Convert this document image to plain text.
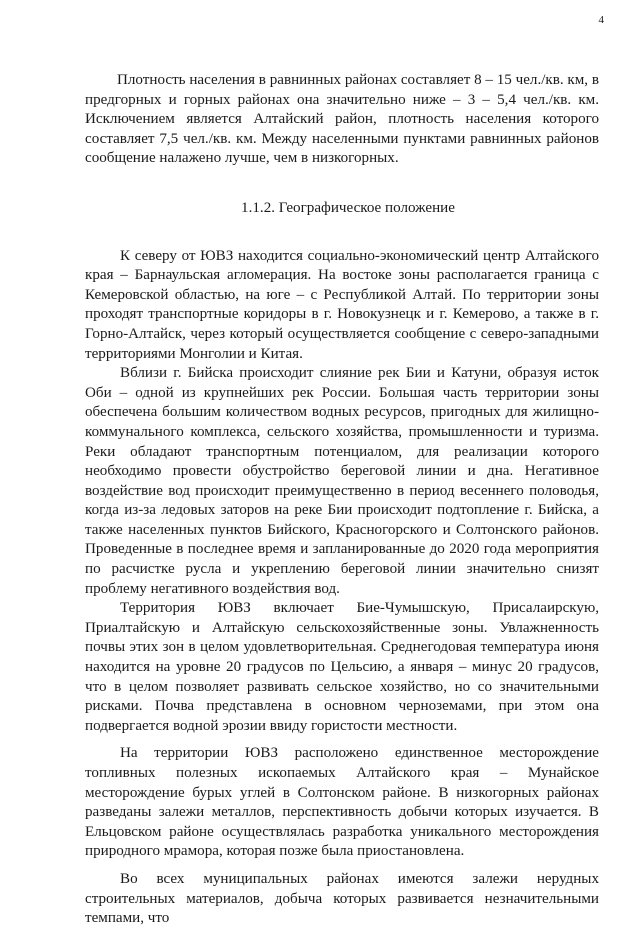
4

Плотность населения в равнинных районах составляет 8 – 15 чел./кв. км, в предгорных и горных районах она значительно ниже – 3 – 5,4 чел./кв. км. Исключением является Алтайский район, плотность населения которого составляет 7,5 чел./кв. км. Между населенными пунктами равнинных районов сообщение налажено лучше, чем в низкогорных.

1.1.2. Географическое положение

К северу от ЮВЗ находится социально-экономический центр Алтайского края – Барнаульская агломерация. На востоке зоны располагается граница с Кемеровской областью, на юге – с Республикой Алтай. По территории зоны проходят транспортные коридоры в г. Новокузнецк и г. Кемерово, а также в г. Горно-Алтайск, через который осуществляется сообщение с северо-западными территориями Монголии и Китая.

Вблизи г. Бийска происходит слияние рек Бии и Катуни, образуя исток Оби – одной из крупнейших рек России. Большая часть территории зоны обеспечена большим количеством водных ресурсов, пригодных для жилищно-коммунального комплекса, сельского хозяйства, промышленности и туризма. Реки обладают транспортным потенциалом, для реализации которого необходимо провести обустройство береговой линии и дна. Негативное воздействие вод происходит преимущественно в период весеннего половодья, когда из-за ледовых заторов на реке Бии происходит подтопление г. Бийска, а также населенных пунктов Бийского, Красногорского и Солтонского районов. Проведенные в последнее время и запланированные до 2020 года мероприятия по расчистке русла и укреплению береговой линии значительно снизят проблему негативного воздействия вод.

Территория ЮВЗ включает Бие-Чумышскую, Присалаирскую, Приалтайскую и Алтайскую сельскохозяйственные зоны. Увлажненность почвы этих зон в целом удовлетворительная. Среднегодовая температура июня находится на уровне 20 градусов по Цельсию, а января – минус 20 градусов, что в целом позволяет развивать сельское хозяйство, но со значительными рисками. Почва представлена в основном черноземами, при этом она подвергается водной эрозии ввиду гористости местности.

На территории ЮВЗ расположено единственное месторождение топливных полезных ископаемых Алтайского края – Мунайское месторождение бурых углей в Солтонском районе. В низкогорных районах разведаны залежи металлов, перспективность добычи которых изучается. В Ельцовском районе осуществлялась разработка уникального месторождения природного мрамора, которая позже была приостановлена.

Во всех муниципальных районах имеются залежи нерудных строительных материалов, добыча которых развивается незначительными темпами, что
